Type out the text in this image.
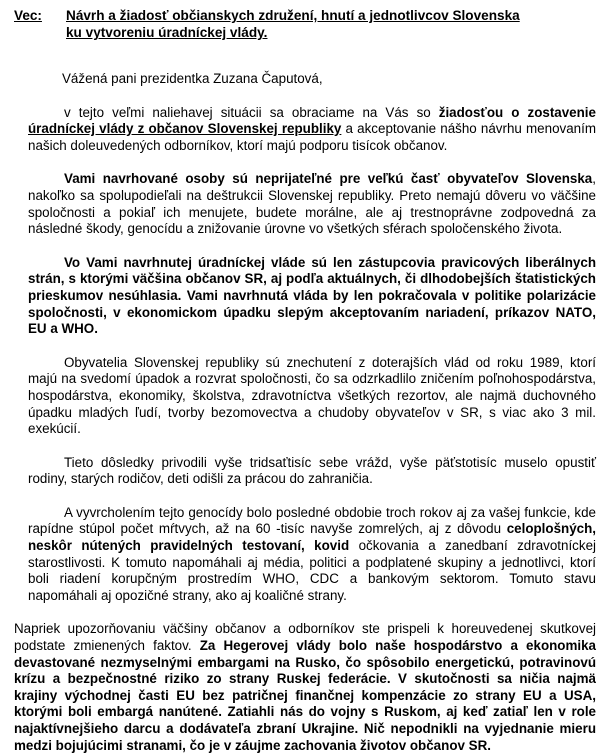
Vec:	Návrh a žiadosť občianskych združení, hnutí a jednotlivcov Slovenska
ku vytvoreniu úradníckej vlády.
Vážená pani prezidentka Zuzana Čaputová,

v tejto veľmi naliehavej situácii sa obraciame na Vás so žiadosťou o zostavenie úradníckej vlády z občanov Slovenskej republiky a akceptovanie nášho návrhu menovaním našich doleuvedených odborníkov, ktorí majú podporu tisícok občanov.

Vami navrhované osoby sú neprijateľné pre veľkú časť obyvateľov Slovenska, nakoľko sa spolupodieľali na deštrukcii Slovenskej republiky. Preto nemajú dôveru vo väčšine spoločnosti a pokiaľ ich menujete, budete morálne, ale aj trestnoprávne zodpovedná za následné škody, genocídu a znižovanie úrovne vo všetkých sférach spoločenského života.

Vo Vami navrhnutej úradníckej vláde sú len zástupcovia pravicových liberálnych strán, s ktorými väčšina občanov SR, aj podľa aktuálnych, či dlhodobejších štatistických prieskumov nesúhlasia. Vami navrhnutá vláda by len pokračovala v politike polarizácie spoločnosti, v ekonomickom úpadku slepým akceptovaním nariadení, príkazov NATO, EU a WHO.

Obyvatelia Slovenskej republiky sú znechutení z doterajších vlád od roku 1989, ktorí majú na svedomí úpadok a rozvrat spoločnosti, čo sa odzrkadlilo zničením poľnohospodárstva, hospodárstva, ekonomiky, školstva, zdravotníctva všetkých rezortov, ale najmä duchovného úpadku mladých ľudí, tvorby bezomovectva a chudoby obyvateľov v SR, s viac ako 3 mil. exekúcií.

Tieto dôsledky privodili vyše tridsaťtisíc sebe vrážd, vyše päťstotisíc muselo opustiť rodiny, starých rodičov, deti odišli za prácou do zahraničia.

A vyvrcholením tejto genocídy bolo posledné obdobie troch rokov aj za vašej funkcie, kde rapídne stúpol počet mŕtvych, až na 60 -tisíc navyše zomrelých, aj z dôvodu celoplošných, neskôr nútených pravidelných testovaní, kovid očkovania a zanedbaní zdravotníckej starostlivosti. K tomuto napomáhali aj média, politici a podplatené skupiny a jednotlivci, ktorí boli riadení korupčným prostredím WHO, CDC a bankovým sektorom. Tomuto stavu napomáhali aj opozičné strany, ako aj koaličné strany.

Napriek upozorňovaniu väčšiny občanov a odborníkov ste prispeli k horeuvedenej skutkovej podstate zmienených faktov. Za Hegerovej vlády bolo naše hospodárstvo a ekonomika devastované nezmyselnými embargami na Rusko, čo spôsobilo energetickú, potravinovú krízu a bezpečnostné riziko zo strany Ruskej federácie. V skutočnosti sa ničia najmä krajiny východnej časti EU bez patričnej finančnej kompenzácie zo strany EU a USA, ktorými boli embargá nanútené. Zatiahli nás do vojny s Ruskom, aj keď zatiaľ len v role najaktívnejšieho darcu a dodávateľa zbraní Ukrajine. Nič nepodnikli na vyjednanie mieru medzi bojujúcimi stranami, čo je v záujme zachovania životov občanov SR.
